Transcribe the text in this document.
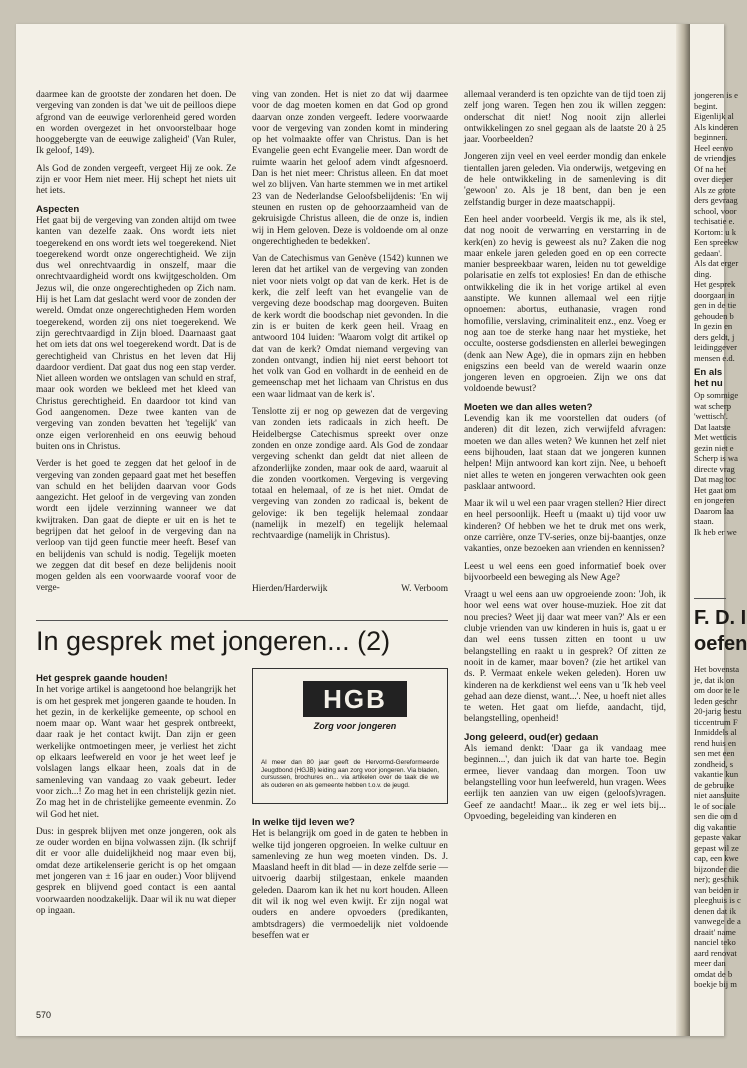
daarmee kan de grootste der zondaren het doen. De vergeving van zonden is dat 'we uit de peilloos diepe afgrond van de eeuwige verlorenheid gered worden en worden overgezet in het onvoorstelbaar hoge hooggebergte van de eeuwige zaligheid' (Van Ruler, Ik geloof, 149).

Als God de zonden vergeeft, vergeet Hij ze ook. Ze zijn er voor Hem niet meer. Hij schept het niets uit het iets.

Aspecten

Het gaat bij de vergeving van zonden altijd om twee kanten van dezelfe zaak. Ons wordt iets niet toegerekend en ons wordt iets wel toegerekend. Niet toegerekend wordt onze ongerechtigheid. We zijn dus wel onrechtvaardig in onszelf, maar die onrechtvaardigheid wordt ons kwijtgescholden. Om Jezus wil, die onze ongerechtigheden op Zich nam. Hij is het Lam dat geslacht werd voor de zonden der wereld. Omdat onze ongerechtigheden Hem worden toegerekend, worden zij ons niet toegerekend. We zijn gerechtvaardigd in Zijn bloed. Daarnaast gaat het om iets dat ons wel toegerekend wordt. Dat is de gerechtigheid van Christus en het leven dat Hij daardoor verdient. Dat gaat dus nog een stap verder. Niet alleen worden we ontslagen van schuld en straf, maar ook worden we bekleed met het kleed van Christus gerechtigheid. En daardoor tot kind van God aangenomen. Deze twee kanten van de vergeving van zonden bevatten het 'tegelijk' van onze eigen verlorenheid en ons eeuwig behoud buiten ons in Christus.

Verder is het goed te zeggen dat het geloof in de vergeving van zonden gepaard gaat met het beseffen van schuld en het belijden daarvan voor Gods aangezicht. Het geloof in de vergeving van zonden wordt een ijdele verzinning wanneer we dat kwijtraken. Dan gaat de diepte er uit en is het te begrijpen dat het geloof in de vergeving dan na verloop van tijd geen functie meer heeft. Besef van en belijdenis van schuld is nodig. Tegelijk moeten we zeggen dat dit besef en deze belijdenis nooit mogen gelden als een voorwaarde vooraf voor de verge-

ving van zonden. Het is niet zo dat wij daarmee voor de dag moeten komen en dat God op grond daarvan onze zonden vergeeft. Iedere voorwaarde voor de vergeving van zonden komt in mindering op het volmaakte offer van Christus. Dan is het Evangelie geen echt Evangelie meer. Dan wordt de ruimte waarin het geloof adem vindt afgesnoerd. Dan is het niet meer: Christus alleen. En dat moet wel zo blijven. Van harte stemmen we in met artikel 23 van de Nederlandse Geloofsbelijdenis: 'En wij steunen en rusten op de gehoorzaamheid van de gekruisigde Christus alleen, die de onze is, indien wij in Hem geloven. Deze is voldoende om al onze ongerechtigheden te bedekken'.

Van de Catechismus van Genève (1542) kunnen we leren dat het artikel van de vergeving van zonden niet voor niets volgt op dat van de kerk. Het is de kerk, die zelf leeft van het evangelie van de vergeving deze boodschap mag doorgeven. Buiten de kerk wordt die boodschap niet gevonden. In die zin is er buiten de kerk geen heil. Vraag en antwoord 104 luiden: 'Waarom volgt dit artikel op dat van de kerk? Omdat niemand vergeving van zonden ontvangt, indien hij niet eerst behoort tot het volk van God en volhardt in de eenheid en de gemeenschap met het lichaam van Christus en dus een waar lidmaat van de kerk is'.

Tenslotte zij er nog op gewezen dat de vergeving van zonden iets radicaals in zich heeft. De Heidelbergse Catechismus spreekt over onze zonden en onze zondige aard. Als God de zondaar vergeving schenkt dan geldt dat niet alleen de afzonderlijke zonden, maar ook de aard, waaruit al die zonden voortkomen. Vergeving is vergeving totaal en helemaal, of ze is het niet. Omdat de vergeving van zonden zo radicaal is, bekent de gelovige: ik ben tegelijk helemaal zondaar (namelijk in mezelf) en tegelijk helemaal rechtvaardige (namelijk in Christus).

Hierden/Harderwijk	W. Verboom
In gesprek met jongeren... (2)
Het gesprek gaande houden!

In het vorige artikel is aangetoond hoe belangrijk het is om het gesprek met jongeren gaande te houden. In het gezin, in de kerkelijke gemeente, op school en noem maar op. Want waar het gesprek ontbreekt, daar raak je het contact kwijt. Dan zijn er geen werkelijke ontmoetingen meer, je verliest het zicht op elkaars leefwereld en voor je het weet leef je volslagen langs elkaar heen, zoals dat in de samenleving van vandaag zo vaak gebeurt. Ieder voor zich...! Zo mag het in een christelijk gezin niet. Zo mag het in de christelijke gemeente evenmin. Zo wil God het niet.

Dus: in gesprek blijven met onze jongeren, ook als ze ouder worden en bijna volwassen zijn. (Ik schrijf dit er voor alle duidelijkheid nog maar even bij, omdat deze artikelenserie gericht is op het omgaan met jongeren van ± 16 jaar en ouder.) Voor blijvend gesprek en blijvend goed contact is een aantal voorwaarden noodzakelijk. Daar wil ik nu wat dieper op ingaan.

HGB
Zorg voor jongeren
Al meer dan 80 jaar geeft de Hervormd-Gereformeerde Jeugdbond (HGJB) leiding aan zorg voor jongeren. Via bladen, cursussen, brochures en... via artikelen over de taak die we als ouderen en als gemeente hebben t.o.v. de jeugd.
In welke tijd leven we?

Het is belangrijk om goed in de gaten te hebben in welke tijd jongeren opgroeien. In welke cultuur en samenleving ze hun weg moeten vinden. Ds. J. Maasland heeft in dit blad — in deze zelfde serie — uitvoerig daarbij stilgestaan, enkele maanden geleden. Daarom kan ik het nu kort houden. Alleen dit wil ik nog wel even kwijt. Er zijn nogal wat ouders en andere opvoeders (predikanten, ambtsdragers) die vermoedelijk niet voldoende beseffen wat er

allemaal veranderd is ten opzichte van de tijd toen zij zelf jong waren. Tegen hen zou ik willen zeggen: onderschat dit niet! Nog nooit zijn allerlei ontwikkelingen zo snel gegaan als de laatste 20 à 25 jaar. Voorbeelden?

Jongeren zijn veel en veel eerder mondig dan enkele tientallen jaren geleden. Via onderwijs, wetgeving en de hele ontwikkeling in de samenleving is dit 'gewoon' zo. Als je 18 bent, dan ben je een zelfstandig burger in deze maatschappij.

Een heel ander voorbeeld. Vergis ik me, als ik stel, dat nog nooit de verwarring en verstarring in de kerk(en) zo hevig is geweest als nu? Zaken die nog maar enkele jaren geleden goed en op een correcte manier bespreekbaar waren, leiden nu tot geweldige polarisatie en zelfs tot explosies! En dan de ethische ontwikkeling die ik in het vorige artikel al even aanstipte. We kunnen allemaal wel een rijtje opnoemen: abortus, euthanasie, vragen rond homofilie, verslaving, criminaliteit enz., enz. Voeg er nog aan toe de sterke hang naar het mystieke, het occulte, oosterse godsdiensten en allerlei bewegingen (denk aan New Age), die in opmars zijn en hebben enigszins een beeld van de wereld waarin onze jongeren leven en opgroeien. Zijn we ons dat voldoende bewust?

Moeten we dan alles weten?

Levendig kan ik me voorstellen dat ouders (of anderen) dit dit lezen, zich verwijfeld afvragen: moeten we dan alles weten? We kunnen het zelf niet eens bijhouden, laat staan dat we jongeren kunnen helpen! Mijn antwoord kan kort zijn. Nee, u behoeft niet alles te weten en jongeren verwachten ook geen pasklaar antwoord.

Maar ik wil u wel een paar vragen stellen? Hier direct en heel persoonlijk. Heeft u (maakt u) tijd voor uw kinderen? Of hebben we het te druk met ons werk, onze carrière, onze TV-series, onze bij-baantjes, onze vakanties, onze bezoeken aan vrienden en kennissen?

Leest u wel eens een goed informatief boek over bijvoorbeeld een beweging als New Age?

Vraagt u wel eens aan uw opgroeiende zoon: 'Joh, ik hoor wel eens wat over house-muziek. Hoe zit dat nou precies? Weet jij daar wat meer van?' Als er een clubje vrienden van uw kinderen in huis is, gaat u er dan wel eens tussen zitten en toont u uw belangstelling en raakt u in gesprek? Of zitten ze nooit in de kamer, maar boven? (zie het artikel van ds. P. Vermaat enkele weken geleden). Horen uw kinderen na de kerkdienst wel eens van u 'Ik heb veel gehad aan deze dienst, want...'. Nee, u hoeft niet alles te weten. Het gaat om liefde, aandacht, tijd, belangstelling, openheid!

Jong geleerd, oud(er) gedaan

Als iemand denkt: 'Daar ga ik vandaag mee beginnen...', dan juich ik dat van harte toe. Begin ermee, liever vandaag dan morgen. Toon uw belangstelling voor hun leefwereld, hun vragen. Wees eerlijk ten aanzien van uw eigen (geloofs)vragen. Geef ze aandacht! Maar... ik zeg er wel iets bij... Opvoeding, begeleiding van kinderen en

jongeren is e

begint.

Eigenlijk al

Als kinderen

beginnen.

Heel eenvo

de vriendjes

Of na het

over dieper

Als ze grote

ders gevraag

school, voor

techisatie e.

Kortom: u k

Een spreekw

gedaan'.

Als dat erger

ding.

Het gesprek

doorgaan in

gen in de tie

gehouden b

In gezin en

ders geldt, j

leidinggever

mensen e.d.

En als het nu

Op sommige

wat scherp

'wettisch'.

Dat laatste

Met wetticis

gezin niet e

Scherp is wa

directe vrag

Dat mag toc

Het gaat om

en jongeren

Daarom laa

staan.

Ik heb er we

F. D. I
oefen

Het bovensta

je, dat ik on

om door te le

leden geschr

20-jarig bestu

ticcentrum F

Inmiddels al

rend huis en

sen met een

zondheid, s

vakantie kun

de gebruike

niet aansluite

le of sociale

sen die om d

dig vakantie

gepaste vakar

gepast wil ze

cap, een kwe

bijzonder die

ner); geschik

van beiden ir

pleeghuis is c

denen dat ik

vanwege de a

draait' name

nanciel teko

aard renovat

meer dan

omdat de b

boekje bij m

570
